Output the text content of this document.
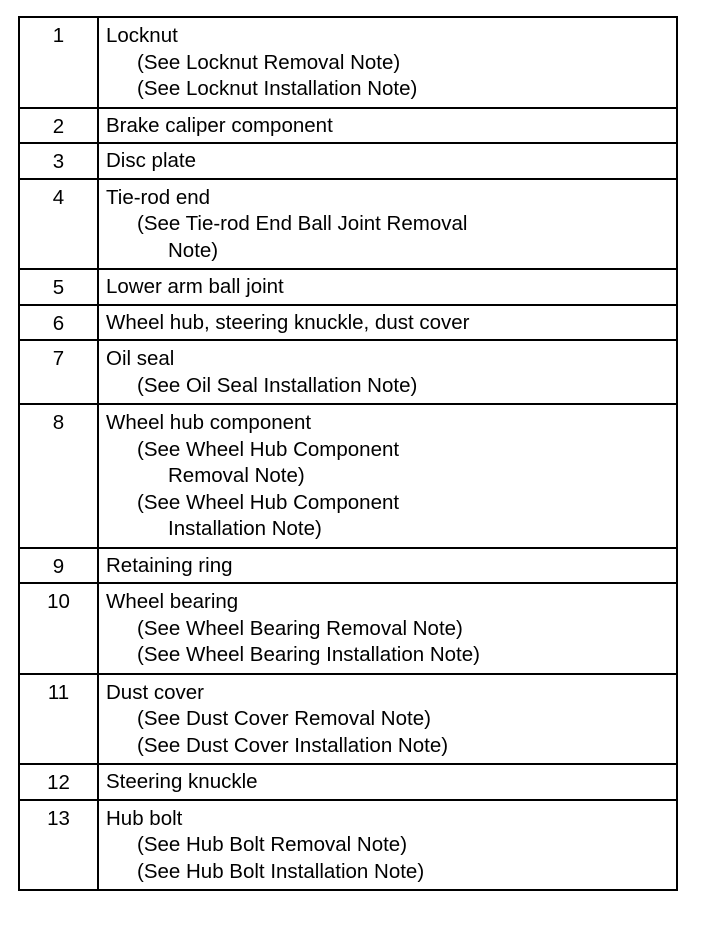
1	Locknut
(See Locknut Removal Note)
(See Locknut Installation Note)

2	Brake caliper component

3	Disc plate

4	Tie-rod end
(See Tie-rod End Ball Joint Removal
Note)

5	Lower arm ball joint

6	Wheel hub, steering knuckle, dust cover

7	Oil seal
(See Oil Seal Installation Note)

8	Wheel hub component
(See Wheel Hub Component
Removal Note)
(See Wheel Hub Component
Installation Note)

9	Retaining ring

10	Wheel bearing
(See Wheel Bearing Removal Note)
(See Wheel Bearing Installation Note)

11	Dust cover
(See Dust Cover Removal Note)
(See Dust Cover Installation Note)

12	Steering knuckle

13	Hub bolt
(See Hub Bolt Removal Note)
(See Hub Bolt Installation Note)
